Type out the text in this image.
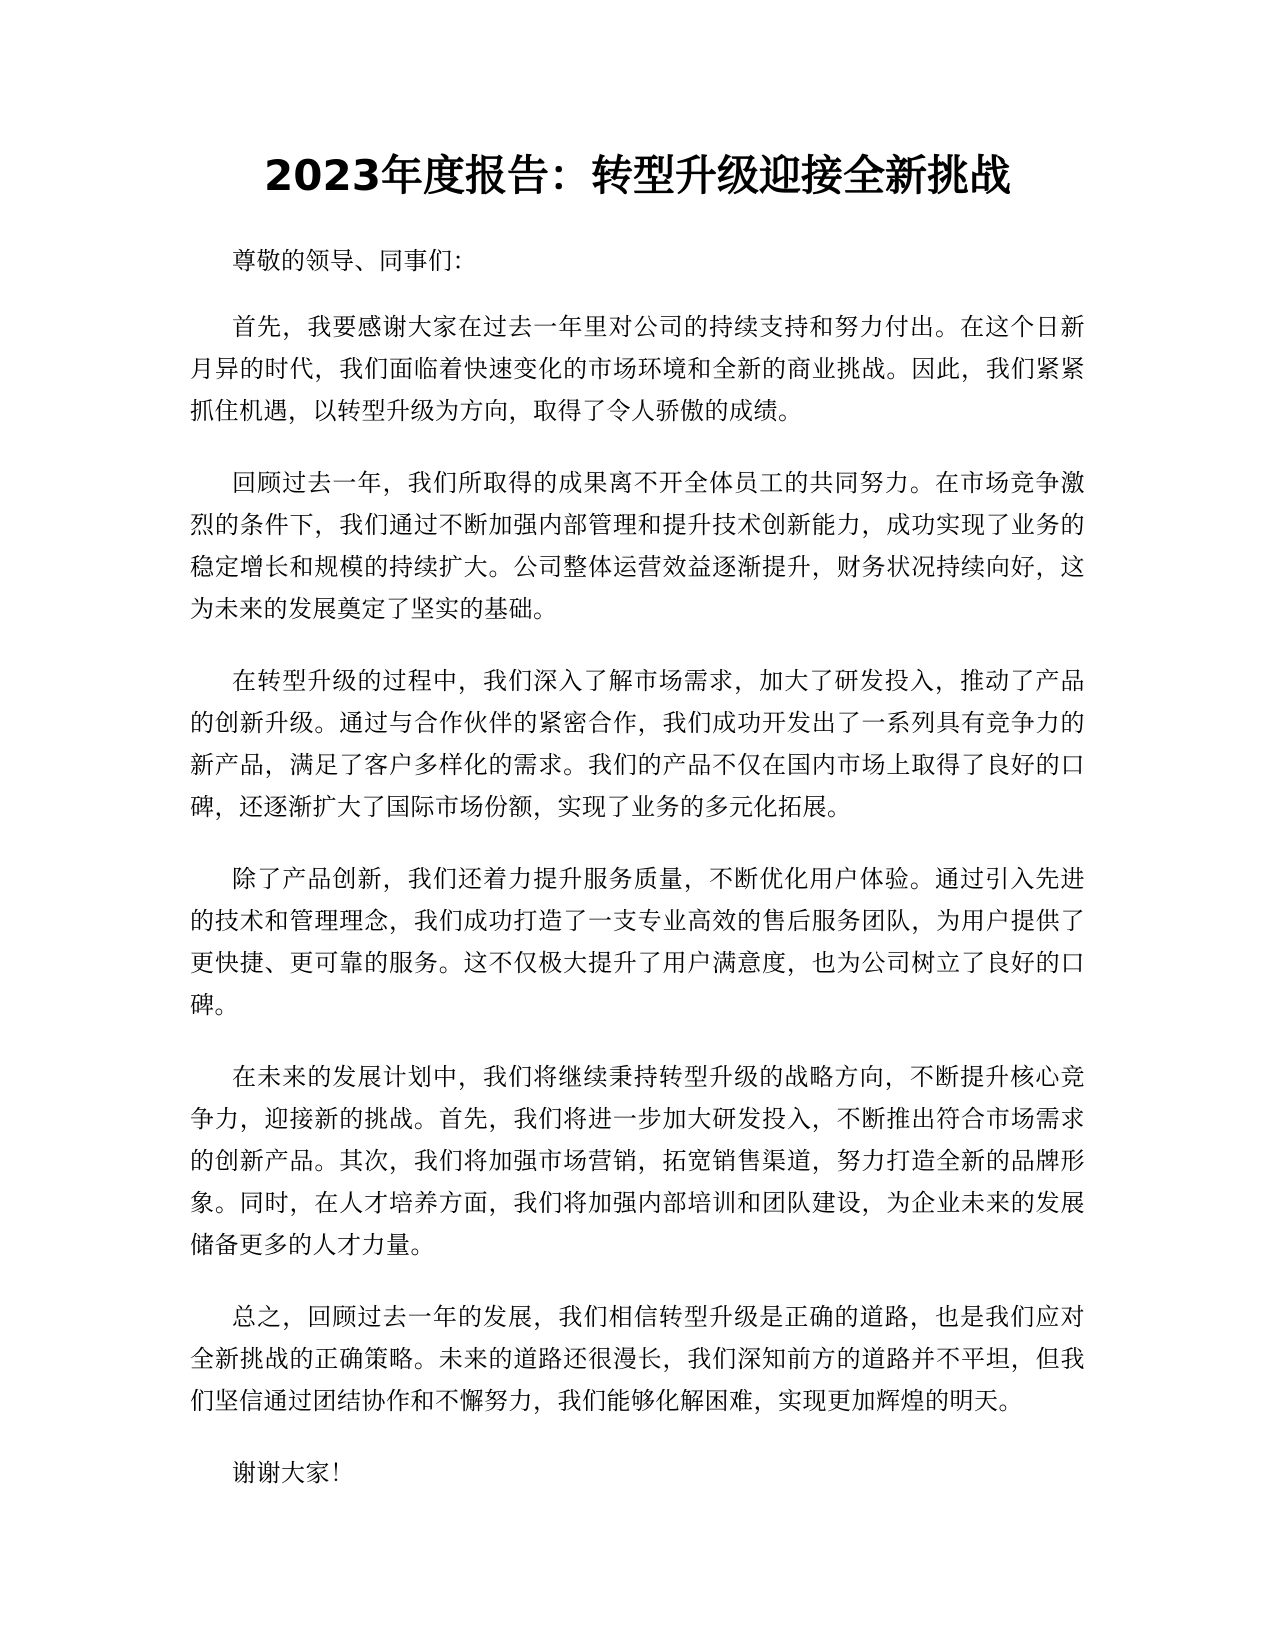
2023年度报告：转型升级迎接全新挑战

尊敬的领导、同事们：

首先，我要感谢大家在过去一年里对公司的持续支持和努力付出。在这个日新月异的时代，我们面临着快速变化的市场环境和全新的商业挑战。因此，我们紧紧抓住机遇，以转型升级为方向，取得了令人骄傲的成绩。

回顾过去一年，我们所取得的成果离不开全体员工的共同努力。在市场竞争激烈的条件下，我们通过不断加强内部管理和提升技术创新能力，成功实现了业务的稳定增长和规模的持续扩大。公司整体运营效益逐渐提升，财务状况持续向好，这为未来的发展奠定了坚实的基础。

在转型升级的过程中，我们深入了解市场需求，加大了研发投入，推动了产品的创新升级。通过与合作伙伴的紧密合作，我们成功开发出了一系列具有竞争力的新产品，满足了客户多样化的需求。我们的产品不仅在国内市场上取得了良好的口碑，还逐渐扩大了国际市场份额，实现了业务的多元化拓展。

除了产品创新，我们还着力提升服务质量，不断优化用户体验。通过引入先进的技术和管理理念，我们成功打造了一支专业高效的售后服务团队，为用户提供了更快捷、更可靠的服务。这不仅极大提升了用户满意度，也为公司树立了良好的口碑。

在未来的发展计划中，我们将继续秉持转型升级的战略方向，不断提升核心竞争力，迎接新的挑战。首先，我们将进一步加大研发投入，不断推出符合市场需求的创新产品。其次，我们将加强市场营销，拓宽销售渠道，努力打造全新的品牌形象。同时，在人才培养方面，我们将加强内部培训和团队建设，为企业未来的发展储备更多的人才力量。

总之，回顾过去一年的发展，我们相信转型升级是正确的道路，也是我们应对全新挑战的正确策略。未来的道路还很漫长，我们深知前方的道路并不平坦，但我们坚信通过团结协作和不懈努力，我们能够化解困难，实现更加辉煌的明天。

谢谢大家！
